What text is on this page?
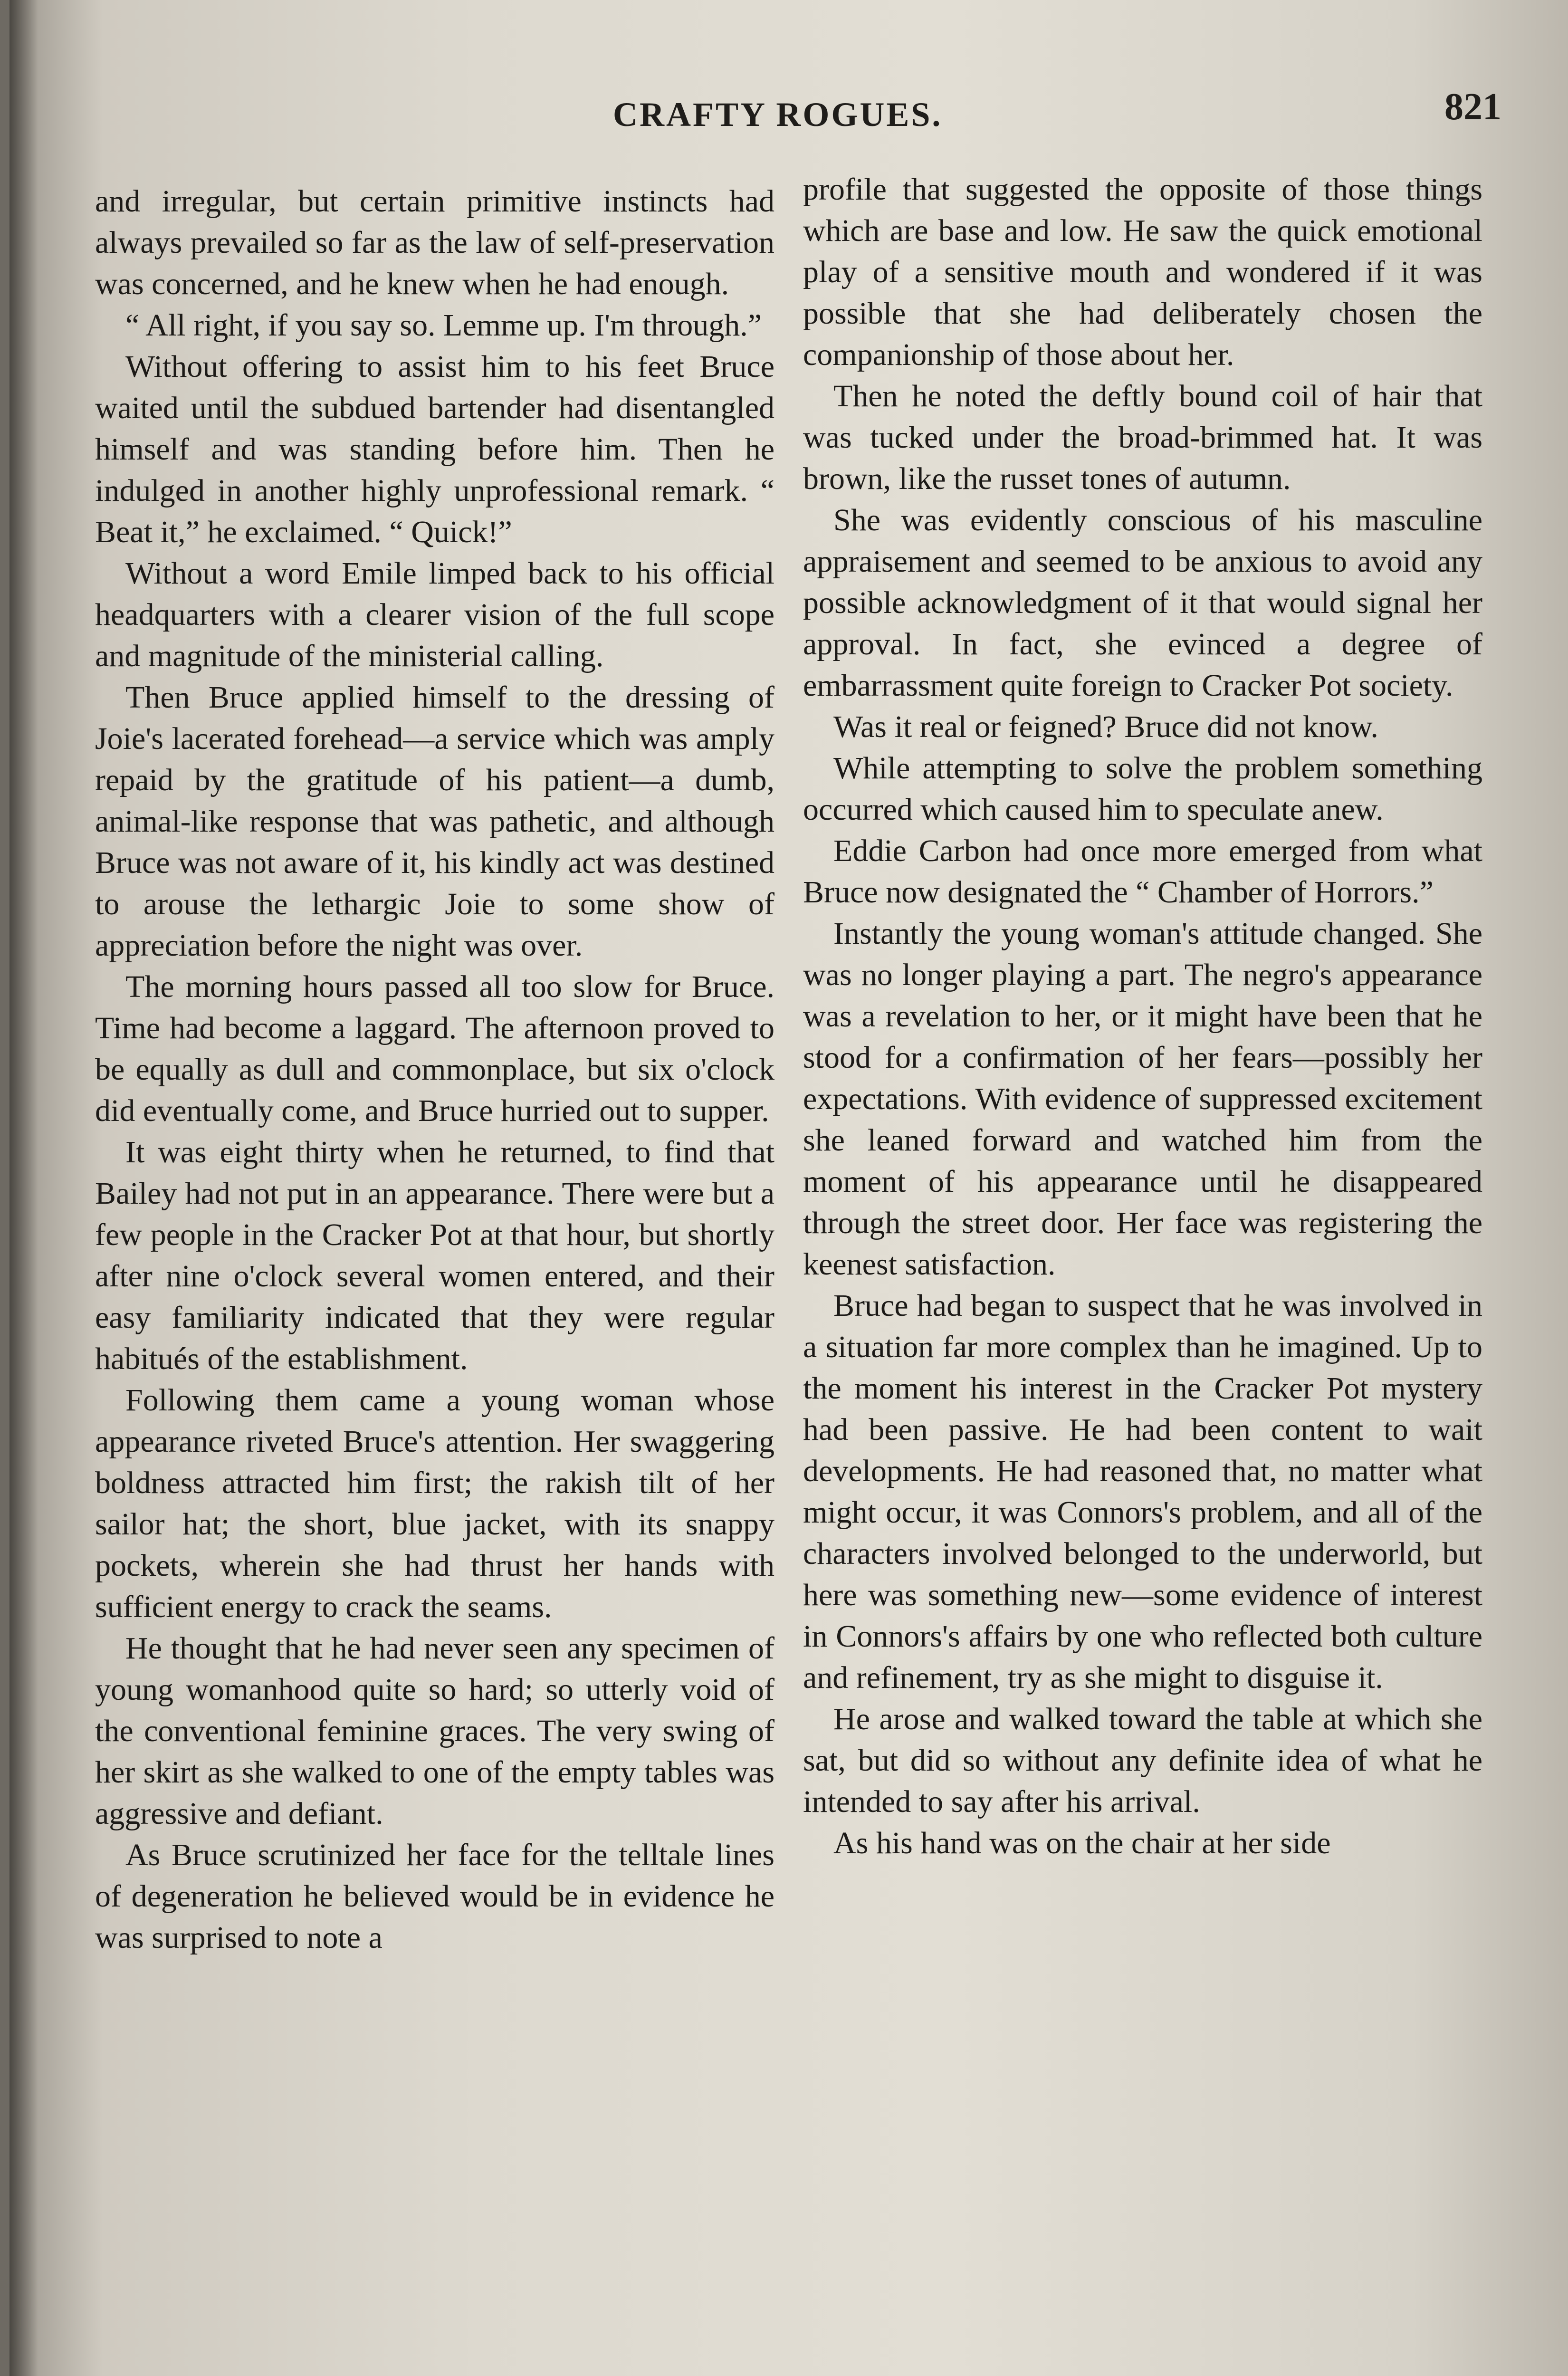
CRAFTY ROGUES.	821

and irregular, but certain primitive instincts had always prevailed so far as the law of self-preservation was concerned, and he knew when he had enough.

“ All right, if you say so. Lemme up. I'm through.”

Without offering to assist him to his feet Bruce waited until the subdued bartender had disentangled himself and was standing before him. Then he indulged in another highly unprofessional remark. “ Beat it,” he exclaimed. “ Quick!”

Without a word Emile limped back to his official headquarters with a clearer vision of the full scope and magnitude of the ministerial calling.

Then Bruce applied himself to the dressing of Joie's lacerated forehead—a service which was amply repaid by the gratitude of his patient—a dumb, animal-like response that was pathetic, and although Bruce was not aware of it, his kindly act was destined to arouse the lethargic Joie to some show of appreciation before the night was over.

The morning hours passed all too slow for Bruce. Time had become a laggard. The afternoon proved to be equally as dull and commonplace, but six o'clock did eventually come, and Bruce hurried out to supper.

It was eight thirty when he returned, to find that Bailey had not put in an appearance. There were but a few people in the Cracker Pot at that hour, but shortly after nine o'clock several women entered, and their easy familiarity indicated that they were regular habitués of the establishment.

Following them came a young woman whose appearance riveted Bruce's attention. Her swaggering boldness attracted him first; the rakish tilt of her sailor hat; the short, blue jacket, with its snappy pockets, wherein she had thrust her hands with sufficient energy to crack the seams.

He thought that he had never seen any specimen of young womanhood quite so hard; so utterly void of the conventional feminine graces. The very swing of her skirt as she walked to one of the empty tables was aggressive and defiant.

As Bruce scrutinized her face for the telltale lines of degeneration he believed would be in evidence he was surprised to note a

profile that suggested the opposite of those things which are base and low. He saw the quick emotional play of a sensitive mouth and wondered if it was possible that she had deliberately chosen the companionship of those about her.

Then he noted the deftly bound coil of hair that was tucked under the broad-brimmed hat. It was brown, like the russet tones of autumn.

She was evidently conscious of his masculine appraisement and seemed to be anxious to avoid any possible acknowledgment of it that would signal her approval. In fact, she evinced a degree of embarrassment quite foreign to Cracker Pot society.

Was it real or feigned? Bruce did not know.

While attempting to solve the problem something occurred which caused him to speculate anew.

Eddie Carbon had once more emerged from what Bruce now designated the “ Chamber of Horrors.”

Instantly the young woman's attitude changed. She was no longer playing a part. The negro's appearance was a revelation to her, or it might have been that he stood for a confirmation of her fears—possibly her expectations. With evidence of suppressed excitement she leaned forward and watched him from the moment of his appearance until he disappeared through the street door. Her face was registering the keenest satisfaction.

Bruce had began to suspect that he was involved in a situation far more complex than he imagined. Up to the moment his interest in the Cracker Pot mystery had been passive. He had been content to wait developments. He had reasoned that, no matter what might occur, it was Connors's problem, and all of the characters involved belonged to the underworld, but here was something new—some evidence of interest in Connors's affairs by one who reflected both culture and refinement, try as she might to disguise it.

He arose and walked toward the table at which she sat, but did so without any definite idea of what he intended to say after his arrival.

As his hand was on the chair at her side
